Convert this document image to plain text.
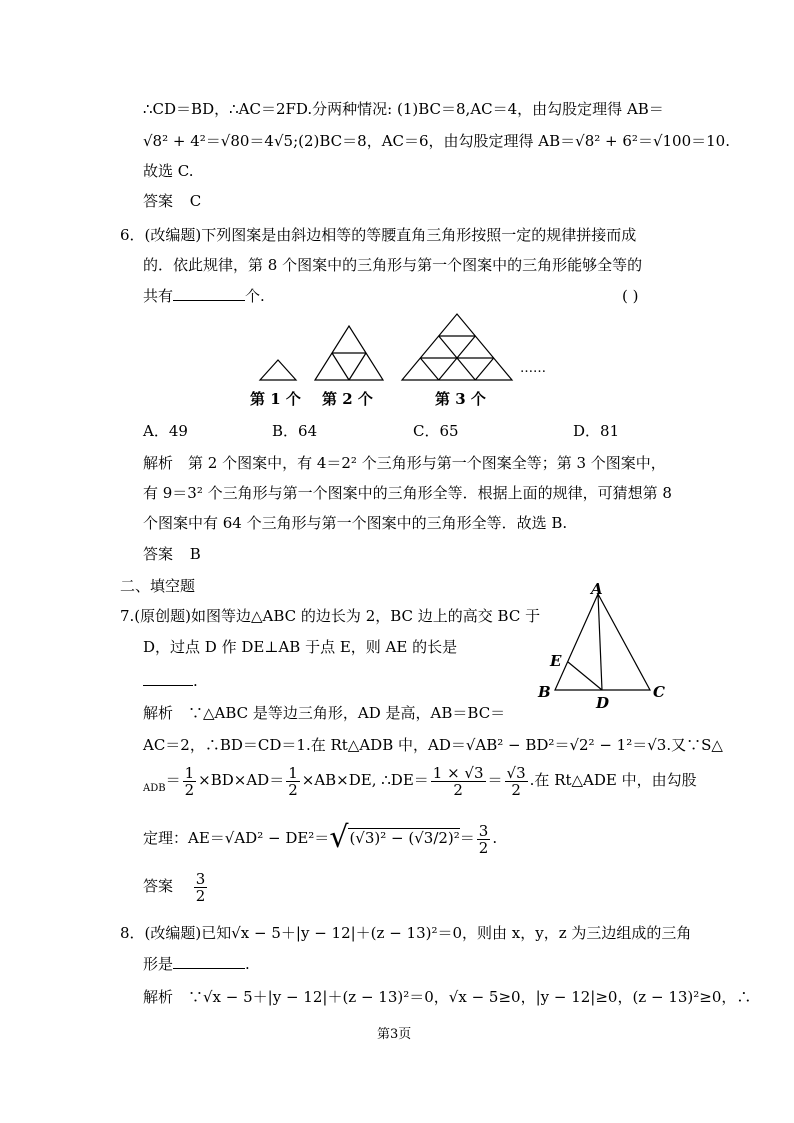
∴CD＝BD，∴AC＝2FD.分两种情况: (1)BC＝8,AC＝4，由勾股定理得 AB＝
√8² + 4²＝√80＝4√5;(2)BC＝8，AC＝6，由勾股定理得 AB＝√8² + 6²＝√100＝10.
故选 C.
答案 C
6．(改编题)下列图案是由斜边相等的等腰直角三角形按照一定的规律拼接而成
的．依此规律，第 8 个图案中的三角形与第一个图案中的三角形能够全等的
共有	个.	( )
……
第 1 个 第 2 个	第 3 个
A．49	B．64	C．65	D．81
解析　第 2 个图案中，有 4＝2² 个三角形与第一个图案全等；第 3 个图案中，
有 9＝3² 个三角形与第一个图案中的三角形全等．根据上面的规律，可猜想第 8
个图案中有 64 个三角形与第一个图案中的三角形全等．故选 B.
答案 B
二、填空题
7.(原创题)如图等边△ABC 的边长为 2，BC 边上的高交 BC 于
D，过点 D 作 DE⊥AB 于点 E，则 AE 的长是
.
A
B	C
D
E
解析　∵△ABC 是等边三角形，AD 是高，AB＝BC＝
AC＝2，∴BD＝CD＝1.在 Rt△ADB 中，AD＝√AB² − BD²＝√2² − 1²＝√3.又∵S△
$_{ADB}= \frac{1}{2} \times BD\times AD= \frac{1}{2} \times AB\times DE$, ∴DE＝ $\frac{1 \times √3}{2} = \frac{√3}{2}$ .在 Rt△ADE 中，由勾股
定理：$AE=√AD^2 - DE^2=√(√3)^2 - (√3/2)^2= \frac{3}{2}$ .
答案 $\frac{3}{2}$
8．(改编题)已知√x − 5＋|y − 12|＋(z − 13)²＝0，则由 x，y，z 为三边组成的三角
形是	.
解析　∵√x − 5＋|y − 12|＋(z − 13)²＝0，√x − 5≥0，|y − 12|≥0，(z − 13)²≥0，∴
第3页
